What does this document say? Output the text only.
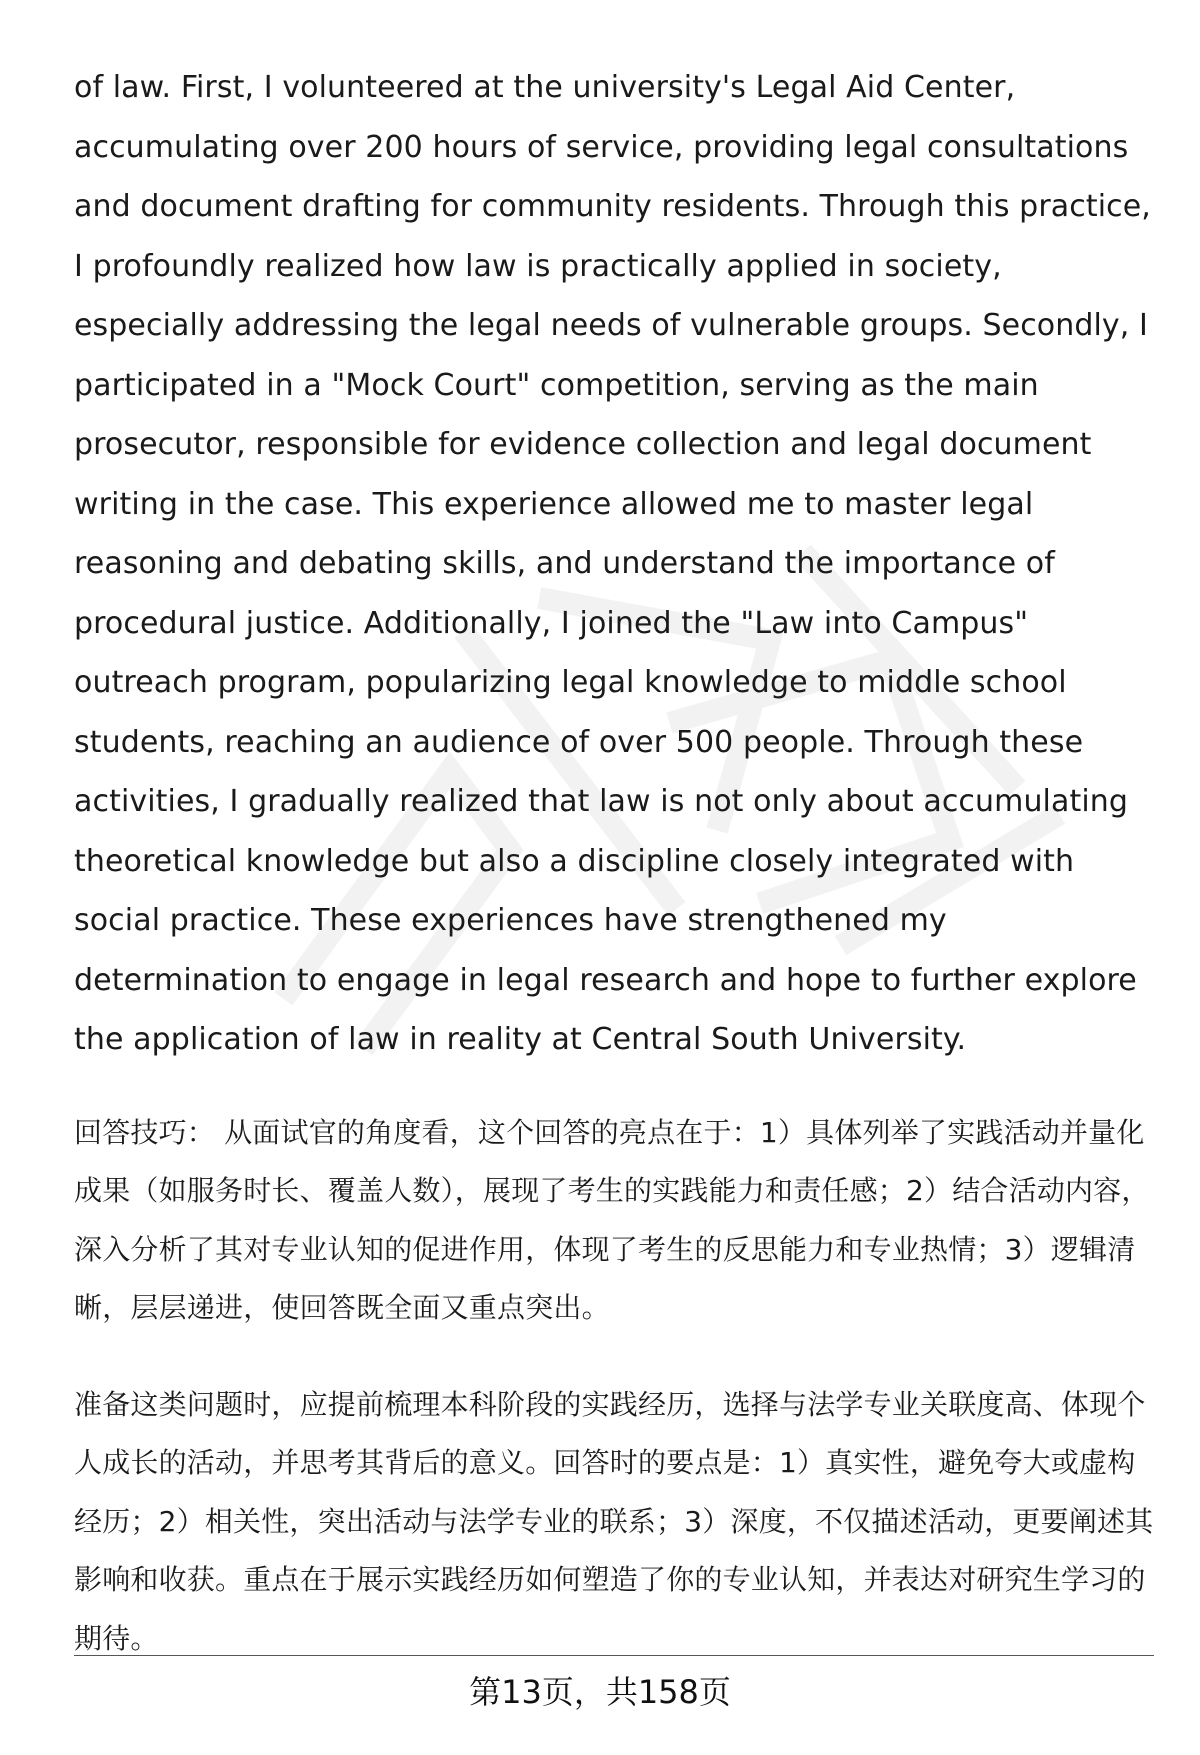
of law. First, I volunteered at the university's Legal Aid Center, accumulating over 200 hours of service, providing legal consultations and document drafting for community residents. Through this practice, I profoundly realized how law is practically applied in society, especially addressing the legal needs of vulnerable groups. Secondly, I participated in a "Mock Court" competition, serving as the main prosecutor, responsible for evidence collection and legal document writing in the case. This experience allowed me to master legal reasoning and debating skills, and understand the importance of procedural justice. Additionally, I joined the "Law into Campus" outreach program, popularizing legal knowledge to middle school students, reaching an audience of over 500 people. Through these activities, I gradually realized that law is not only about accumulating theoretical knowledge but also a discipline closely integrated with social practice. These experiences have strengthened my determination to engage in legal research and hope to further explore the application of law in reality at Central South University.

回答技巧： 从面试官的角度看，这个回答的亮点在于：1）具体列举了实践活动并量化成果（如服务时长、覆盖人数），展现了考生的实践能力和责任感；2）结合活动内容，深入分析了其对专业认知的促进作用，体现了考生的反思能力和专业热情；3）逻辑清晰，层层递进，使回答既全面又重点突出。

准备这类问题时，应提前梳理本科阶段的实践经历，选择与法学专业关联度高、体现个人成长的活动，并思考其背后的意义。回答时的要点是：1）真实性，避免夸大或虚构经历；2）相关性，突出活动与法学专业的联系；3）深度，不仅描述活动，更要阐述其影响和收获。重点在于展示实践经历如何塑造了你的专业认知，并表达对研究生学习的期待。

第13页，共158页
